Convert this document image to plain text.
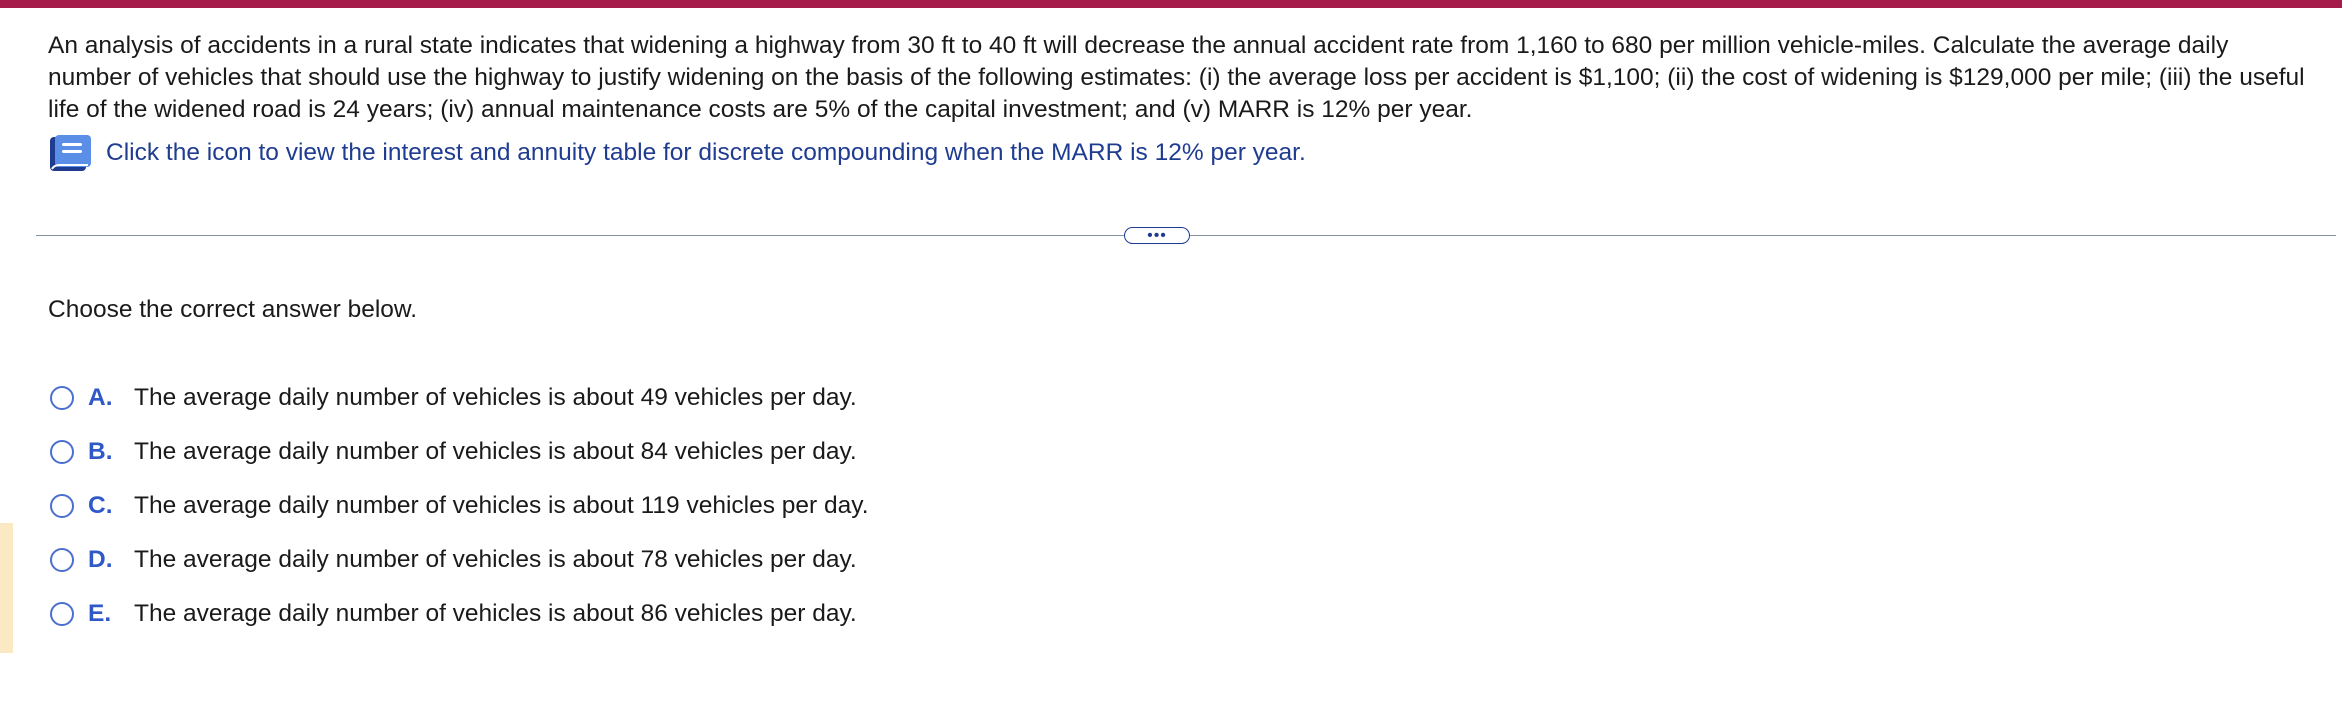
An analysis of accidents in a rural state indicates that widening a highway from 30 ft to 40 ft will decrease the annual accident rate from 1,160 to 680 per million vehicle-miles. Calculate the average daily number of vehicles that should use the highway to justify widening on the basis of the following estimates: (i) the average loss per accident is $1,100; (ii) the cost of widening is $129,000 per mile; (iii) the useful life of the widened road is 24 years; (iv) annual maintenance costs are 5% of the capital investment; and (v) MARR is 12% per year.

Click the icon to view the interest and annuity table for discrete compounding when the MARR is 12% per year.
•••
Choose the correct answer below.
A. The average daily number of vehicles is about 49 vehicles per day.
B. The average daily number of vehicles is about 84 vehicles per day.
C. The average daily number of vehicles is about 119 vehicles per day.
D. The average daily number of vehicles is about 78 vehicles per day.
E. The average daily number of vehicles is about 86 vehicles per day.
